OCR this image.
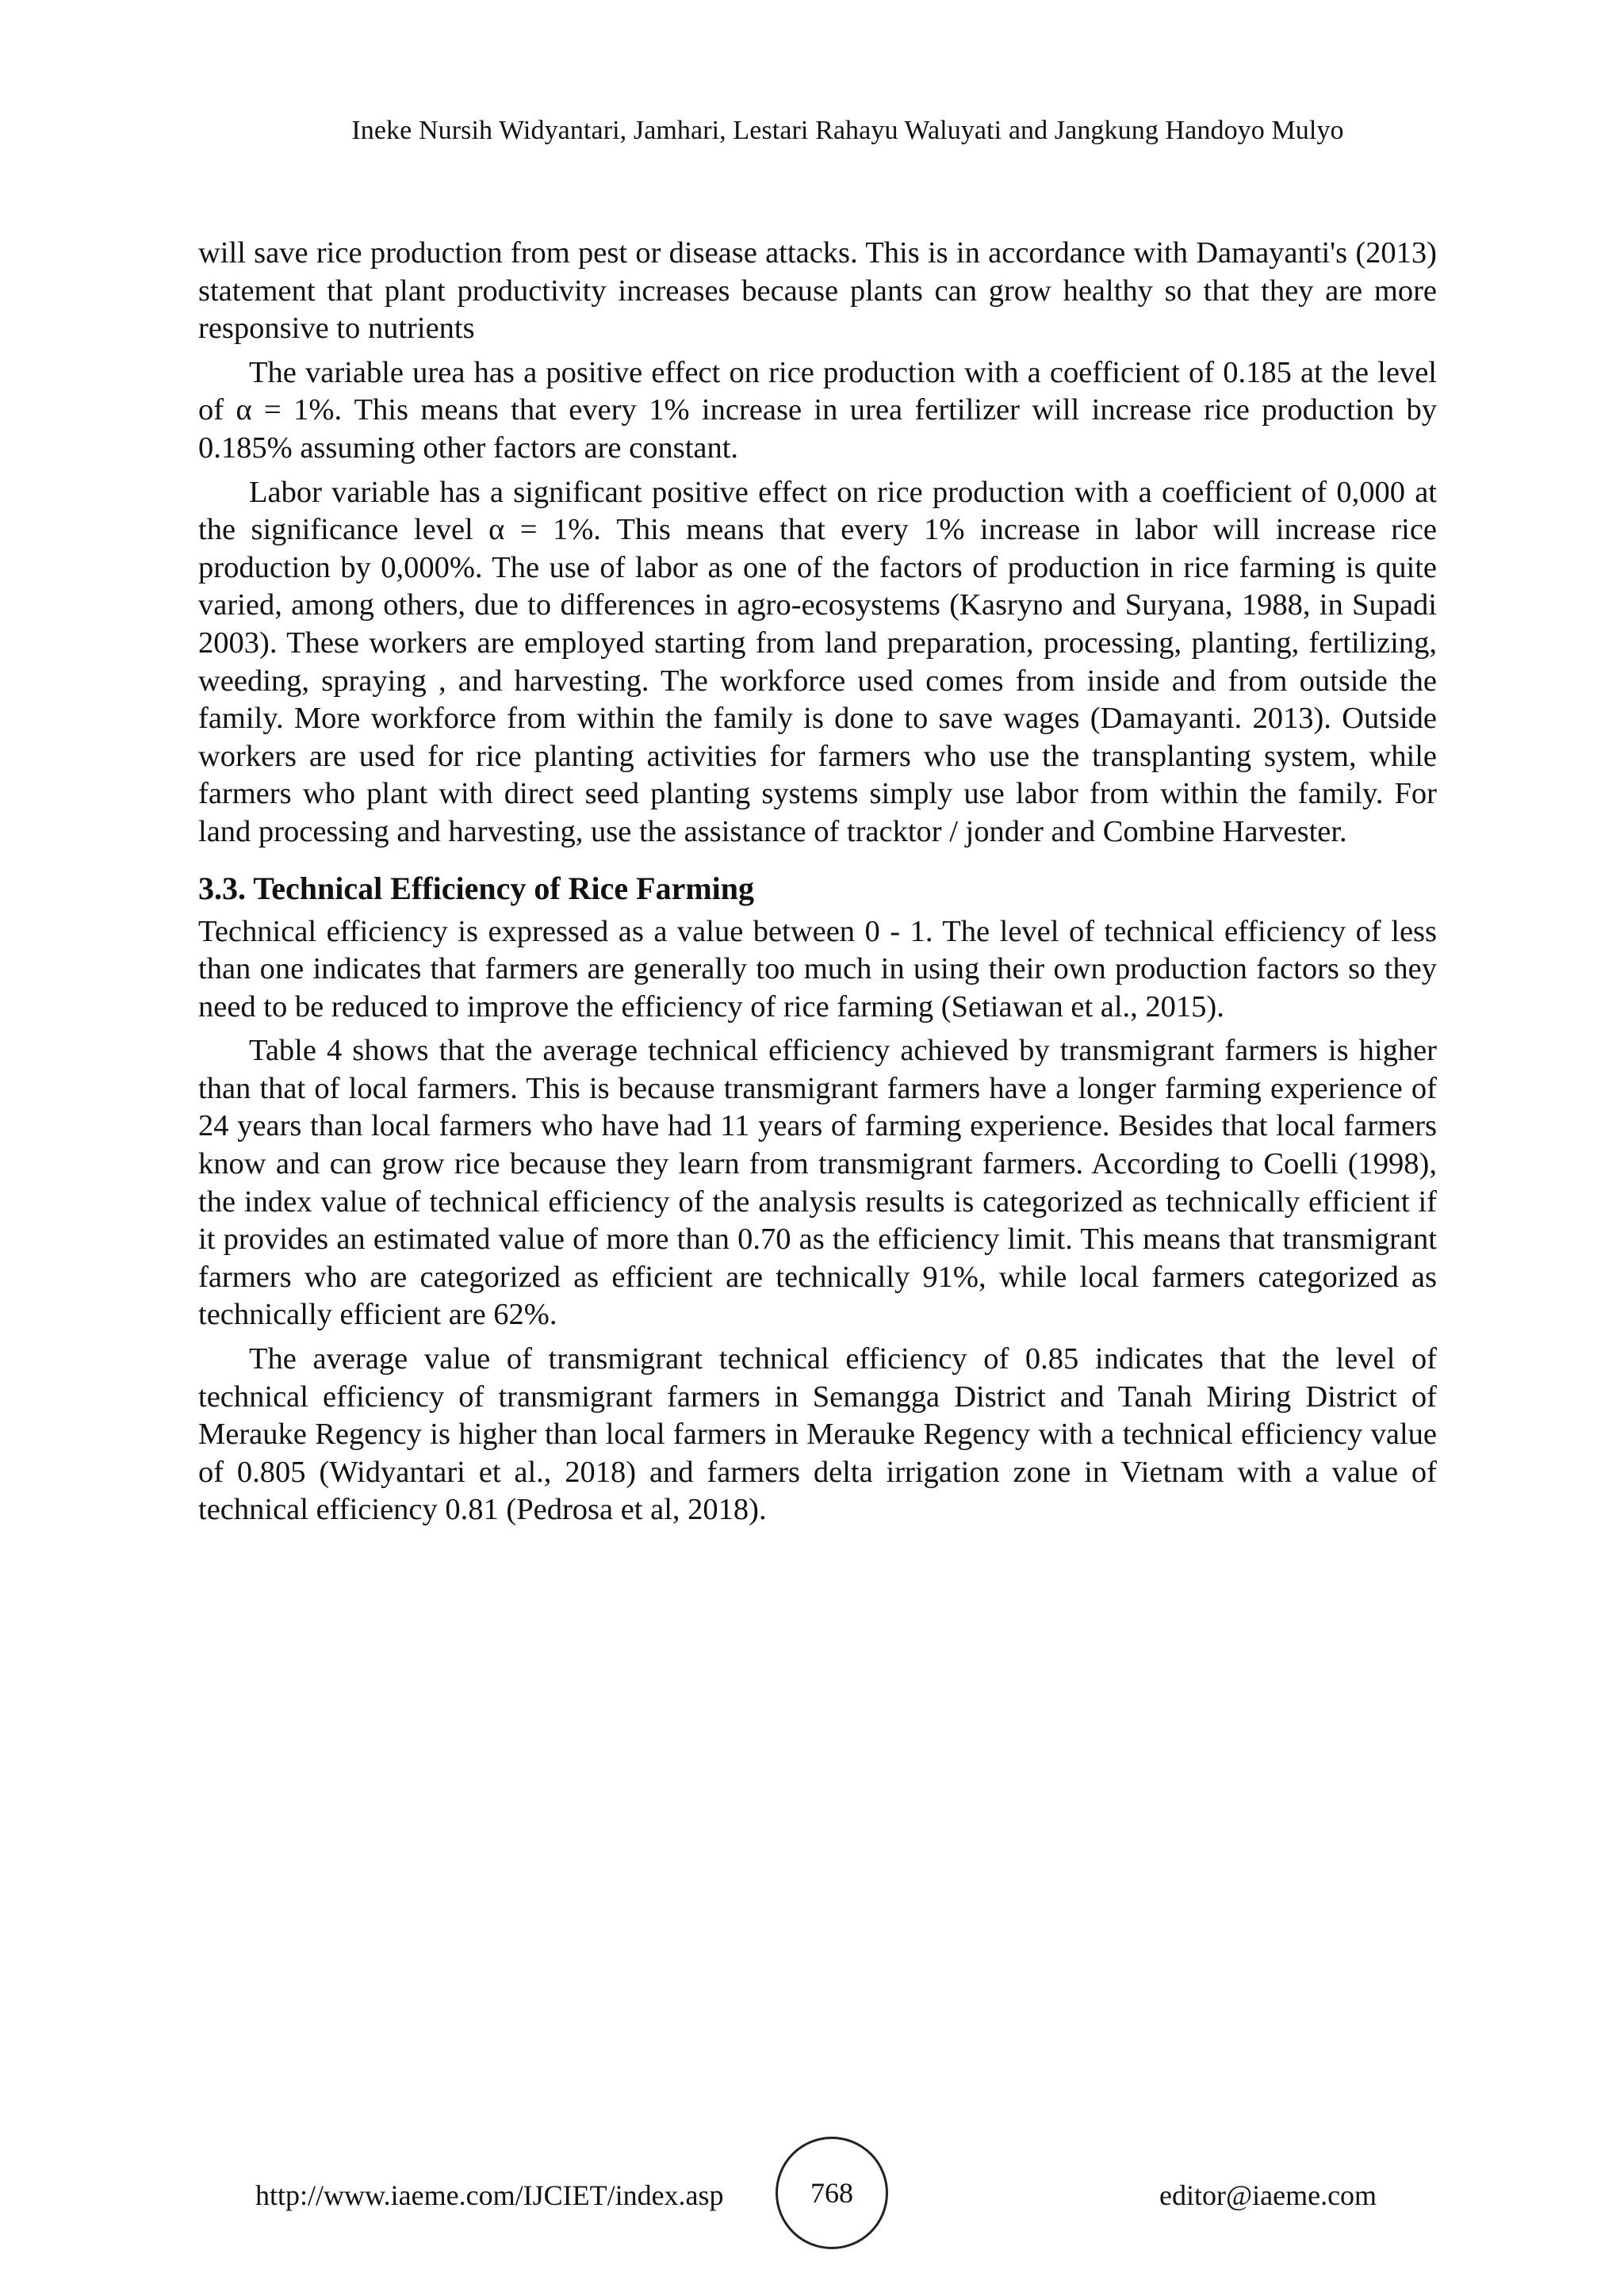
Ineke Nursih Widyantari, Jamhari, Lestari Rahayu Waluyati and Jangkung Handoyo Mulyo

will save rice production from pest or disease attacks. This is in accordance with Damayanti's (2013) statement that plant productivity increases because plants can grow healthy so that they are more responsive to nutrients

The variable urea has a positive effect on rice production with a coefficient of 0.185 at the level of α = 1%. This means that every 1% increase in urea fertilizer will increase rice production by 0.185% assuming other factors are constant.

Labor variable has a significant positive effect on rice production with a coefficient of 0,000 at the significance level α = 1%. This means that every 1% increase in labor will increase rice production by 0,000%. The use of labor as one of the factors of production in rice farming is quite varied, among others, due to differences in agro-ecosystems (Kasryno and Suryana, 1988, in Supadi 2003). These workers are employed starting from land preparation, processing, planting, fertilizing, weeding, spraying , and harvesting. The workforce used comes from inside and from outside the family. More workforce from within the family is done to save wages (Damayanti. 2013). Outside workers are used for rice planting activities for farmers who use the transplanting system, while farmers who plant with direct seed planting systems simply use labor from within the family. For land processing and harvesting, use the assistance of tracktor / jonder and Combine Harvester.

3.3. Technical Efficiency of Rice Farming

Technical efficiency is expressed as a value between 0 - 1. The level of technical efficiency of less than one indicates that farmers are generally too much in using their own production factors so they need to be reduced to improve the efficiency of rice farming (Setiawan et al., 2015).

Table 4 shows that the average technical efficiency achieved by transmigrant farmers is higher than that of local farmers. This is because transmigrant farmers have a longer farming experience of 24 years than local farmers who have had 11 years of farming experience. Besides that local farmers know and can grow rice because they learn from transmigrant farmers. According to Coelli (1998), the index value of technical efficiency of the analysis results is categorized as technically efficient if it provides an estimated value of more than 0.70 as the efficiency limit. This means that transmigrant farmers who are categorized as efficient are technically 91%, while local farmers categorized as technically efficient are 62%.

The average value of transmigrant technical efficiency of 0.85 indicates that the level of technical efficiency of transmigrant farmers in Semangga District and Tanah Miring District of Merauke Regency is higher than local farmers in Merauke Regency with a technical efficiency value of 0.805 (Widyantari et al., 2018) and farmers delta irrigation zone in Vietnam with a value of technical efficiency 0.81 (Pedrosa et al, 2018).

http://www.iaeme.com/IJCIET/index.asp	768	editor@iaeme.com
